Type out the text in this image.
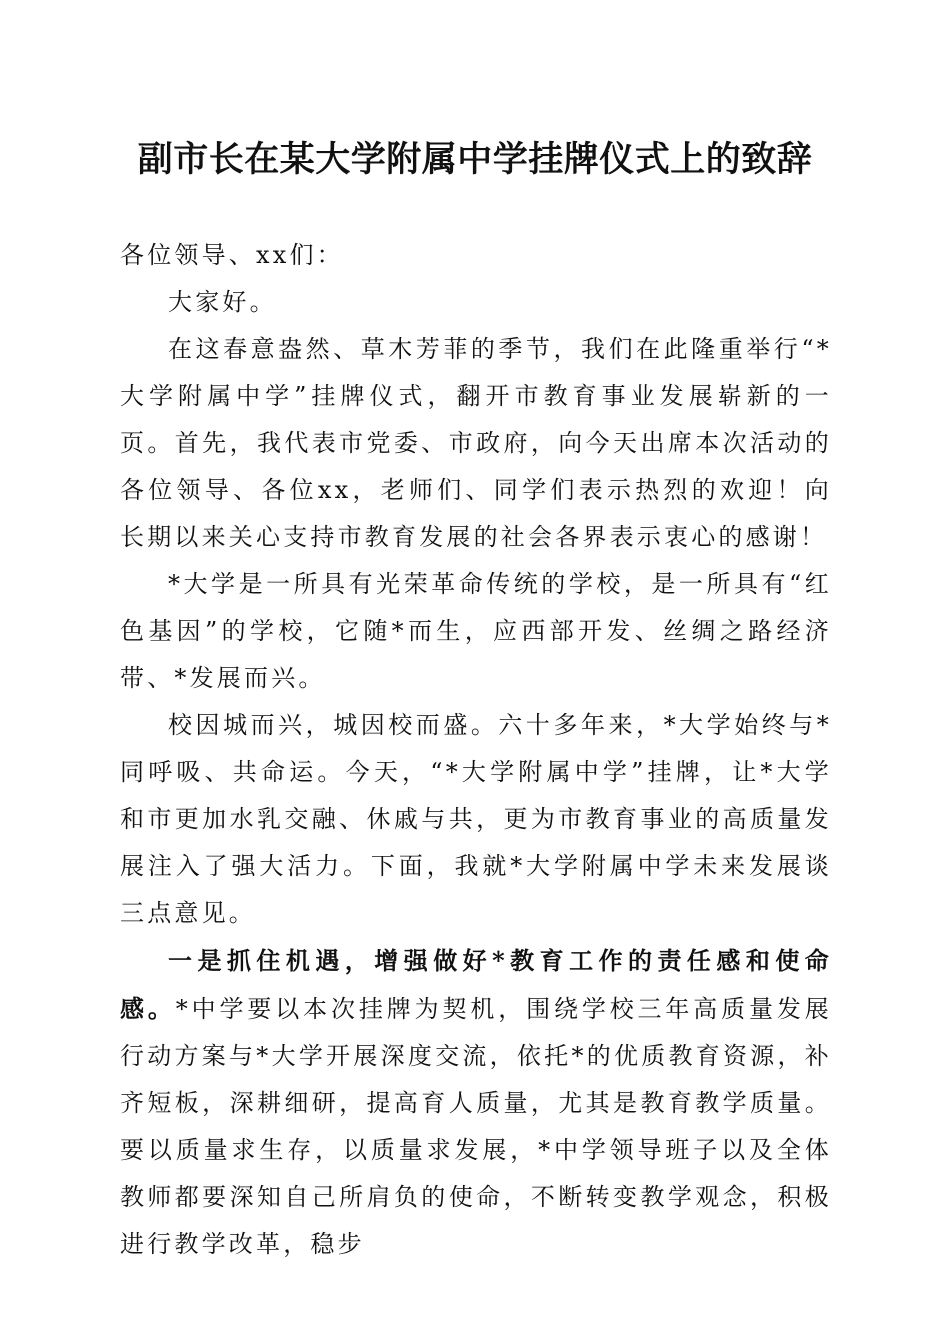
副市长在某大学附属中学挂牌仪式上的致辞

各位领导、xx们：

大家好。

在这春意盎然、草木芳菲的季节，我们在此隆重举行“*大学附属中学”挂牌仪式，翻开市教育事业发展崭新的一页。首先，我代表市党委、市政府，向今天出席本次活动的各位领导、各位xx，老师们、同学们表示热烈的欢迎！向长期以来关心支持市教育发展的社会各界表示衷心的感谢！

*大学是一所具有光荣革命传统的学校，是一所具有“红色基因”的学校，它随*而生，应西部开发、丝绸之路经济带、*发展而兴。

校因城而兴，城因校而盛。六十多年来，*大学始终与*同呼吸、共命运。今天，“*大学附属中学”挂牌，让*大学和市更加水乳交融、休戚与共，更为市教育事业的高质量发展注入了强大活力。下面，我就*大学附属中学未来发展谈三点意见。

一是抓住机遇，增强做好*教育工作的责任感和使命感。*中学要以本次挂牌为契机，围绕学校三年高质量发展行动方案与*大学开展深度交流，依托*的优质教育资源，补齐短板，深耕细研，提高育人质量，尤其是教育教学质量。要以质量求生存，以质量求发展，*中学领导班子以及全体教师都要深知自己所肩负的使命，不断转变教学观念，积极进行教学改革，稳步
